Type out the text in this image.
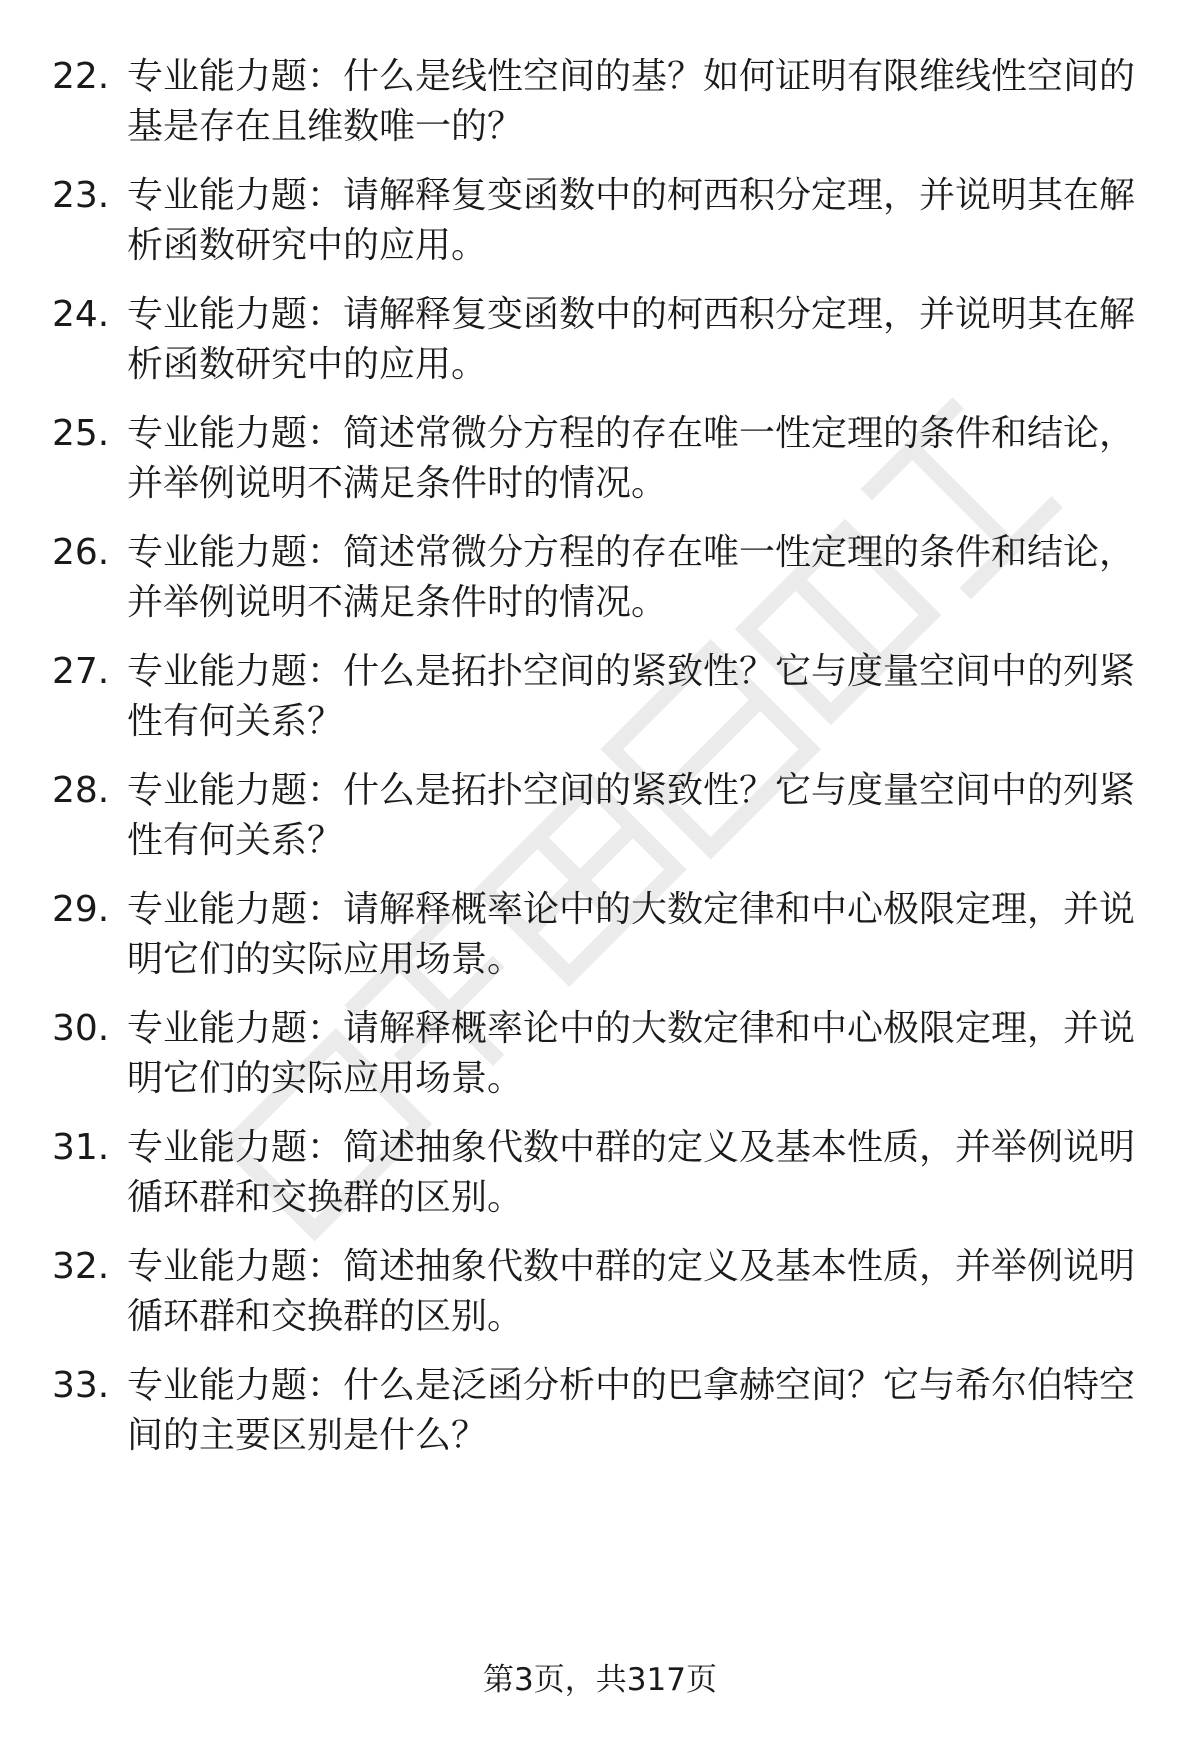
22. 专业能力题：什么是线性空间的基？如何证明有限维线性空间的
基是存在且维数唯一的？

23. 专业能力题：请解释复变函数中的柯西积分定理，并说明其在解
析函数研究中的应用。

24. 专业能力题：请解释复变函数中的柯西积分定理，并说明其在解
析函数研究中的应用。

25. 专业能力题：简述常微分方程的存在唯一性定理的条件和结论，
并举例说明不满足条件时的情况。

26. 专业能力题：简述常微分方程的存在唯一性定理的条件和结论，
并举例说明不满足条件时的情况。

27. 专业能力题：什么是拓扑空间的紧致性？它与度量空间中的列紧
性有何关系？

28. 专业能力题：什么是拓扑空间的紧致性？它与度量空间中的列紧
性有何关系？

29. 专业能力题：请解释概率论中的大数定律和中心极限定理，并说
明它们的实际应用场景。

30. 专业能力题：请解释概率论中的大数定律和中心极限定理，并说
明它们的实际应用场景。

31. 专业能力题：简述抽象代数中群的定义及基本性质，并举例说明
循环群和交换群的区别。

32. 专业能力题：简述抽象代数中群的定义及基本性质，并举例说明
循环群和交换群的区别。

33. 专业能力题：什么是泛函分析中的巴拿赫空间？它与希尔伯特空
间的主要区别是什么？

第3页，共317页
